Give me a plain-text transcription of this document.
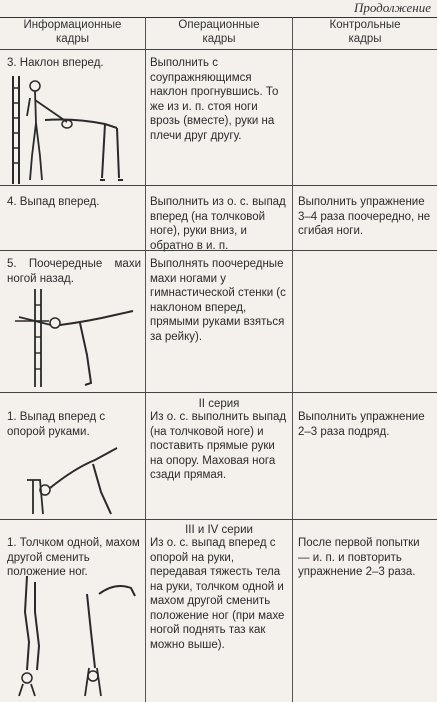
Продолжение
Информационные
кадры
Операционные
кадры
Контрольные
кадры
3. Наклон вперед.	Выполнить с соупражняющимся наклон прогнувшись. То же из и. п. стоя ноги врозь (вместе), руки на плечи друг другу.
4. Выпад вперед.	Выполнить из о. с. выпад вперед (на толчковой ноге), руки вниз, и обратно в и. п.
Выполнить упражнение 3–4 раза поочередно, не сгибая ноги.
5. Поочередные махи ногой назад.
Выполнять поочередные махи ногами у гимнастической стенки (с наклоном вперед, прямыми руками взяться за рейку).
II серия
1. Выпад вперед с опорой руками.
Из о. с. выполнить выпад (на толчковой ноге) и поставить прямые руки на опору. Маховая нога сзади прямая.
Выполнить упражнение 2–3 раза подряд.
III и IV серии
1. Толчком одной, махом другой сменить положение ног.
Из о. с. выпад вперед с опорой на руки, передавая тяжесть тела на руки, толчком одной и махом другой сменить положение ног (при махе ногой поднять таз как можно выше).
После первой попытки — и. п. и повторить упражнение 2–3 раза.
